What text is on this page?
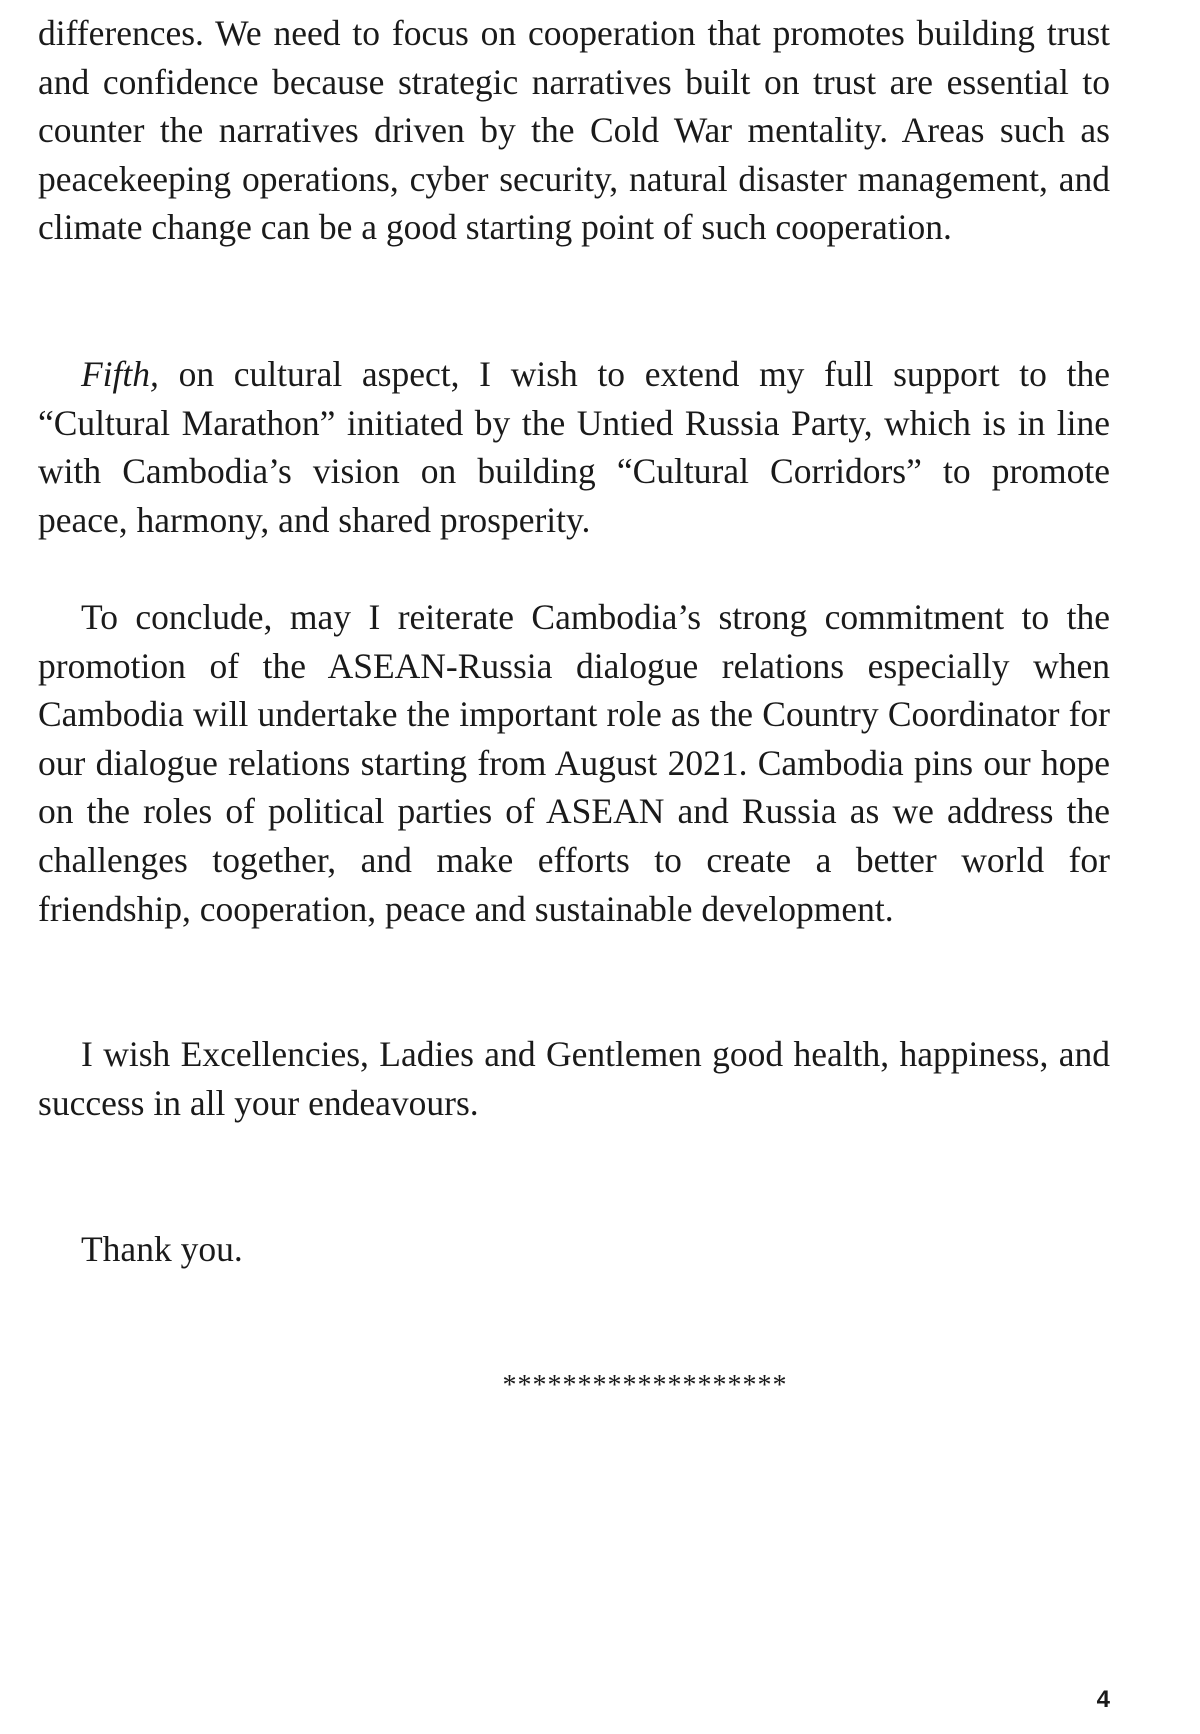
differences. We need to focus on cooperation that promotes building trust and confidence because strategic narratives built on trust are essential to counter the narratives driven by the Cold War mentality. Areas such as peacekeeping operations, cyber security, natural disaster management, and climate change can be a good starting point of such cooperation.

Fifth, on cultural aspect, I wish to extend my full support to the “Cultural Marathon” initiated by the Untied Russia Party, which is in line with Cambodia’s vision on building “Cultural Corridors” to promote peace, harmony, and shared prosperity.

To conclude, may I reiterate Cambodia’s strong commitment to the promotion of the ASEAN-Russia dialogue relations especially when Cambodia will undertake the important role as the Country Coordinator for our dialogue relations starting from August 2021. Cambodia pins our hope on the roles of political parties of ASEAN and Russia as we address the challenges together, and make efforts to create a better world for friendship, cooperation, peace and sustainable development.

I wish Excellencies, Ladies and Gentlemen good health, happiness, and success in all your endeavours.

Thank you.

*******************

4
